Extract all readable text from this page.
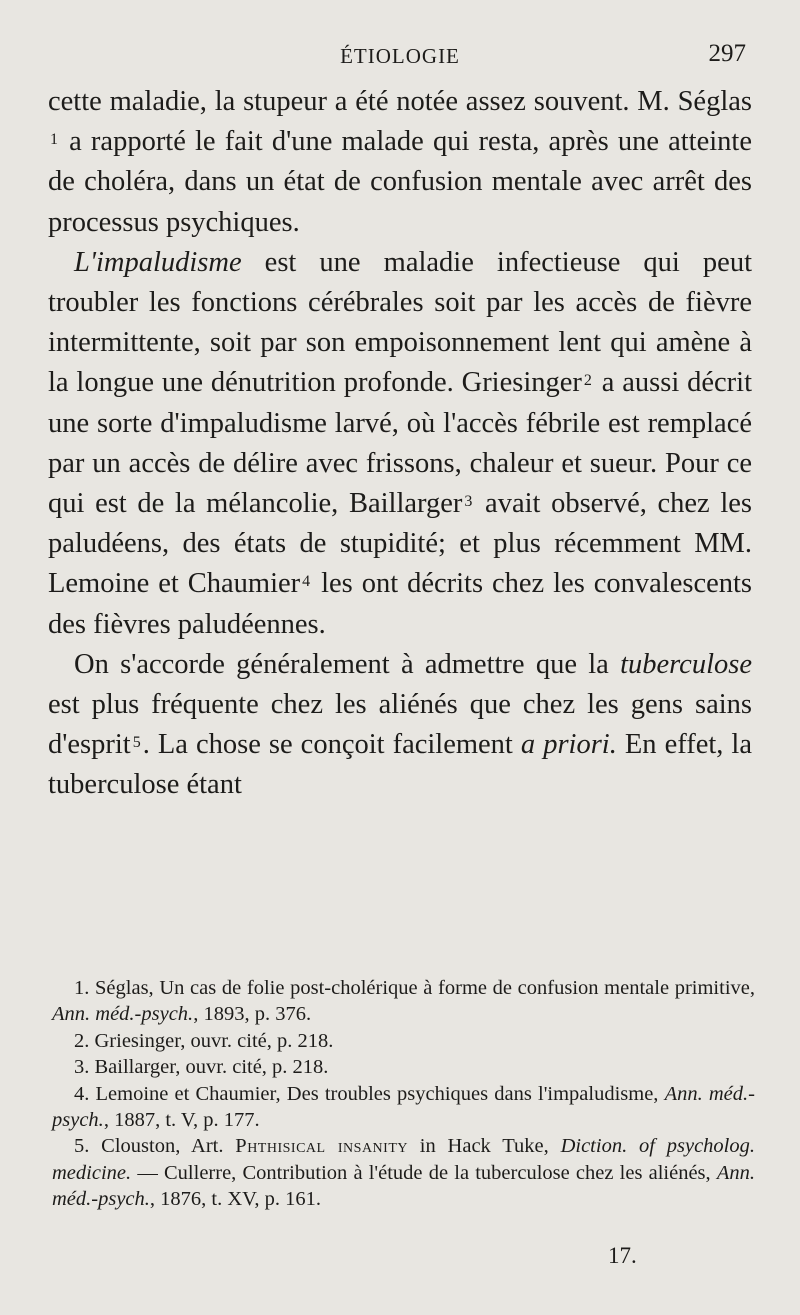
ÉTIOLOGIE	297

cette maladie, la stupeur a été notée assez souvent. M. Séglas $^1$ a rapporté le fait d'une malade qui resta, après une atteinte de choléra, dans un état de confusion mentale avec arrêt des processus psychiques.

L'impaludisme est une maladie infectieuse qui peut troubler les fonctions cérébrales soit par les accès de fièvre intermittente, soit par son empoisonnement lent qui amène à la longue une dénutrition profonde. Griesinger $^2$ a aussi décrit une sorte d'impaludisme larvé, où l'accès fébrile est remplacé par un accès de délire avec frissons, chaleur et sueur. Pour ce qui est de la mélancolie, Baillarger $^3$ avait observé, chez les paludéens, des états de stupidité; et plus récemment MM. Lemoine et Chaumier $^4$ les ont décrits chez les convalescents des fièvres paludéennes.

On s'accorde généralement à admettre que la tuberculose est plus fréquente chez les aliénés que chez les gens sains d'esprit $^5$. La chose se conçoit facilement a priori. En effet, la tuberculose étant

1. Séglas, Un cas de folie post-cholérique à forme de confusion mentale primitive, Ann. méd.-psych., 1893, p. 376.

2. Griesinger, ouvr. cité, p. 218.

3. Baillarger, ouvr. cité, p. 218.

4. Lemoine et Chaumier, Des troubles psychiques dans l'impaludisme, Ann. méd.-psych., 1887, t. V, p. 177.

5. Clouston, Art. Phthisical insanity in Hack Tuke, Diction. of psycholog. medicine. — Cullerre, Contribution à l'étude de la tuberculose chez les aliénés, Ann. méd.-psych., 1876, t. XV, p. 161.

17.
